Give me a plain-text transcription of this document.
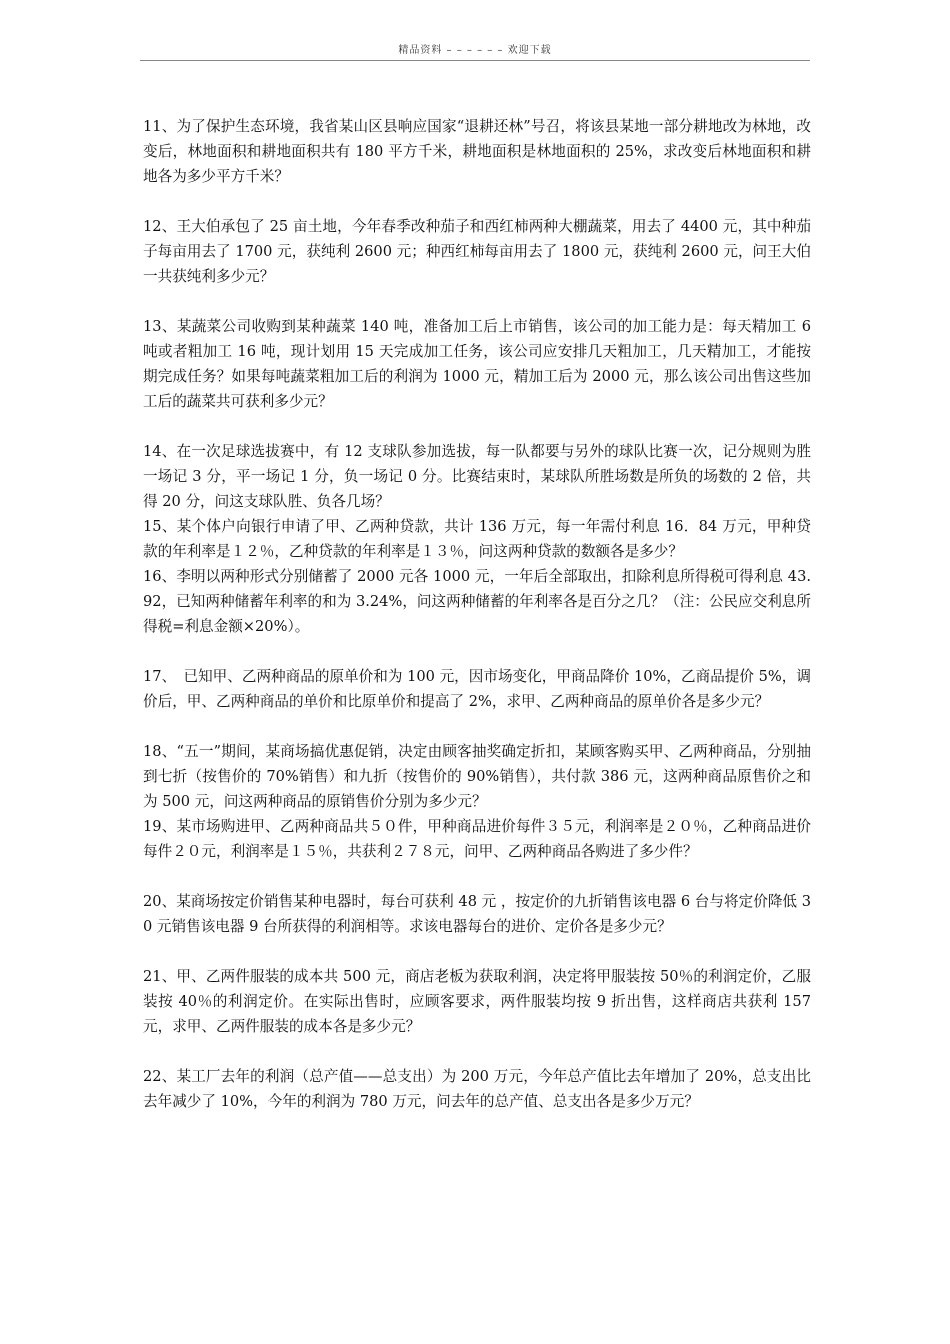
精品资料 – – – – – – 欢迎下载

11、为了保护生态环境，我省某山区县响应国家“退耕还林”号召，将该县某地一部分耕地改为林地，改变后，林地面积和耕地面积共有 180 平方千米，耕地面积是林地面积的 25%，求改变后林地面积和耕地各为多少平方千米？

12、王大伯承包了 25 亩土地，今年春季改种茄子和西红柿两种大棚蔬菜，用去了 4400 元，其中种茄子每亩用去了 1700 元，获纯利 2600 元；种西红柿每亩用去了 1800 元，获纯利 2600 元，问王大伯一共获纯利多少元？

13、某蔬菜公司收购到某种蔬菜 140 吨，准备加工后上市销售，该公司的加工能力是：每天精加工 6 吨或者粗加工 16 吨，现计划用 15 天完成加工任务，该公司应安排几天粗加工，几天精加工，才能按期完成任务？如果每吨蔬菜粗加工后的利润为 1000 元，精加工后为 2000 元，那么该公司出售这些加工后的蔬菜共可获利多少元？

14、在一次足球选拔赛中，有 12 支球队参加选拔，每一队都要与另外的球队比赛一次，记分规则为胜一场记 3 分，平一场记 1 分，负一场记 0 分。比赛结束时，某球队所胜场数是所负的场数的 2 倍，共得 20 分，问这支球队胜、负各几场？

15、某个体户向银行申请了甲、乙两种贷款，共计 136 万元，每一年需付利息 16．84 万元，甲种贷款的年利率是１２％，乙种贷款的年利率是１３％，问这两种贷款的数额各是多少？

16、李明以两种形式分别储蓄了 2000 元各 1000 元，一年后全部取出，扣除利息所得税可得利息 43.92，已知两种储蓄年利率的和为 3.24%，问这两种储蓄的年利率各是百分之几？（注：公民应交利息所得税=利息金额×20%）。

17、　已知甲、乙两种商品的原单价和为 100 元，因市场变化，甲商品降价 10%，乙商品提价 5%，调价后，甲、乙两种商品的单价和比原单价和提高了 2%，求甲、乙两种商品的原单价各是多少元？

18、“五一”期间，某商场搞优惠促销，决定由顾客抽奖确定折扣，某顾客购买甲、乙两种商品，分别抽到七折（按售价的 70%销售）和九折（按售价的 90%销售），共付款 386 元，这两种商品原售价之和为 500 元，问这两种商品的原销售价分别为多少元？

19、某市场购进甲、乙两种商品共５０件，甲种商品进价每件３５元，利润率是２０％，乙种商品进价每件２０元，利润率是１５％，共获利２７８元，问甲、乙两种商品各购进了多少件？

20、某商场按定价销售某种电器时，每台可获利 48 元 ，按定价的九折销售该电器 6 台与将定价降低 30 元销售该电器 9 台所获得的利润相等。求该电器每台的进价、定价各是多少元？

21、甲、乙两件服装的成本共 500 元，商店老板为获取利润，决定将甲服装按 50％的利润定价，乙服装按 40％的利润定价。在实际出售时，应顾客要求，两件服装均按 9 折出售，这样商店共获利 157 元，求甲、乙两件服装的成本各是多少元？

22、某工厂去年的利润（总产值——总支出）为 200 万元，今年总产值比去年增加了 20%，总支出比去年减少了 10%，今年的利润为 780 万元，问去年的总产值、总支出各是多少万元？
